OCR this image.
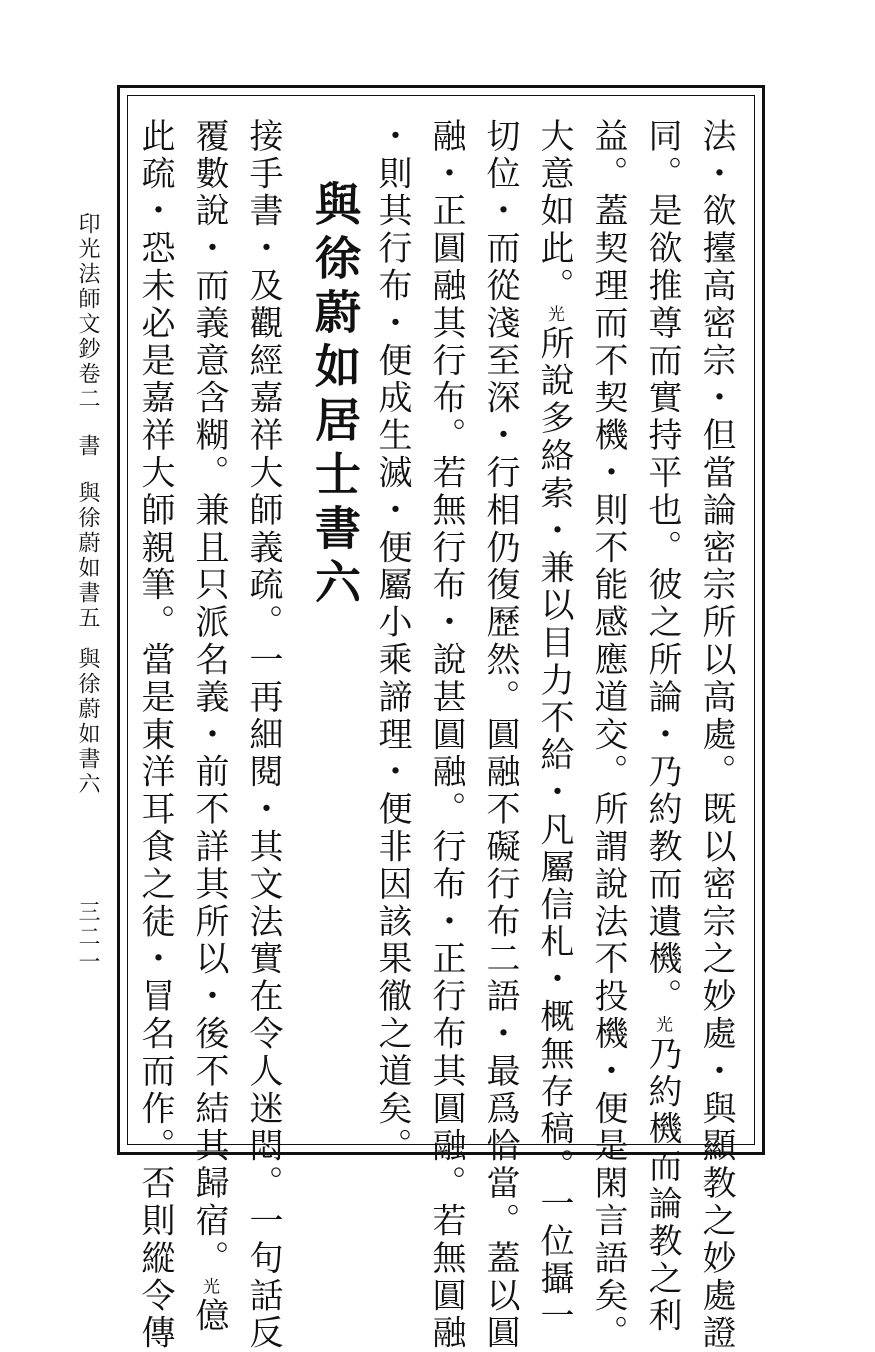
法・欲擡高密宗・但當論密宗所以高處。既以密宗之妙處・與顯教之妙處證
同。是欲推尊而實持平也。彼之所論・乃約教而遺機。光乃約機而論教之利
益。蓋契理而不契機・則不能感應道交。所謂說法不投機・便是閑言語矣。
大意如此。光所說多絡索・兼以目力不給・凡屬信札・概無存稿。一位攝一
切位・而從淺至深・行相仍復歷然。圓融不礙行布二語・最爲恰當。蓋以圓
融・正圓融其行布。若無行布・說甚圓融。行布・正行布其圓融。若無圓融
・則其行布・便成生滅・便屬小乘諦理・便非因該果徹之道矣。
與徐蔚如居士書六
接手書・及觀經嘉祥大師義疏。一再細閱・其文法實在令人迷悶。一句話反
覆數說・而義意含糊。兼且只派名義・前不詳其所以・後不結其歸宿。光億
此疏・恐未必是嘉祥大師親筆。當是東洋耳食之徒・冒名而作。否則縱令傳
印光法師文鈔卷二書與徐蔚如書五與徐蔚如書六
三二一
